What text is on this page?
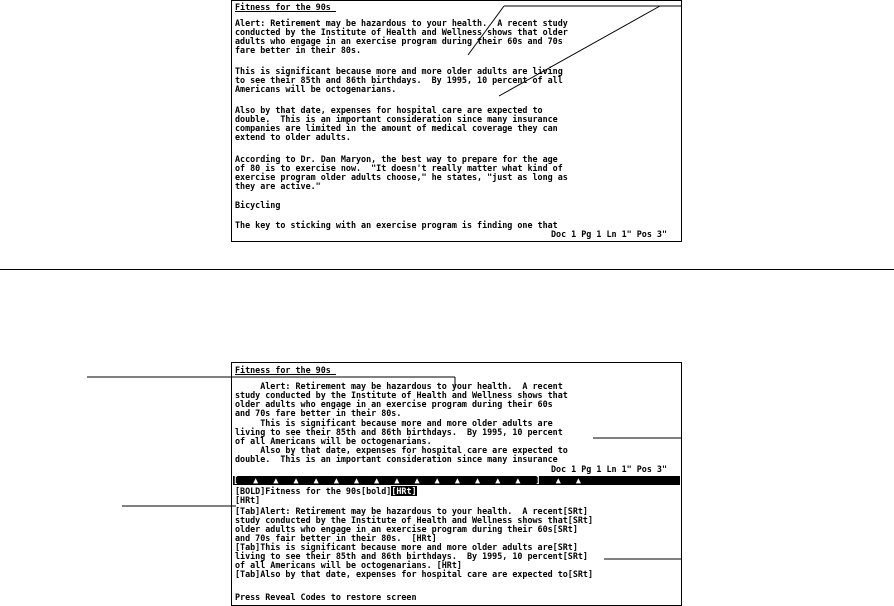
Fitness for the 90s_
Alert: Retirement may be hazardous to your health.  A recent study
conducted by the Institute of Health and Wellness shows that older
adults who engage in an exercise program during their 60s and 70s
fare better in their 80s.
This is significant because more and more older adults are living
to see their 85th and 86th birthdays.  By 1995, 10 percent of all
Americans will be octogenarians.
Also by that date, expenses for hospital care are expected to
double.  This is an important consideration since many insurance
companies are limited in the amount of medical coverage they can
extend to older adults.
According to Dr. Dan Maryon, the best way to prepare for the age
of 80 is to exercise now.  "It doesn't really matter what kind of
exercise program older adults choose," he states, "just as long as
they are active."
Bicycling
The key to sticking with an exercise program is finding one that
Doc 1 Pg 1 Ln 1" Pos 3"
Fitness for the 90s_
Alert: Retirement may be hazardous to your health.  A recent
study conducted by the Institute of Health and Wellness shows that
older adults who engage in an exercise program during their 60s
and 70s fare better in their 80s.
This is significant because more and more older adults are
living to see their 85th and 86th birthdays.  By 1995, 10 percent
of all Americans will be octogenarians.
Also by that date, expenses for hospital care are expected to
double.  This is an important consideration since many insurance
Doc 1 Pg 1 Ln 1" Pos 3"
[   ▲   ▲   ▲   ▲   ▲   ▲   ▲   ▲   ▲   ▲   ▲   ▲   ▲   ▲   ]   ▲   ▲
[BOLD]Fitness for the 90s[bold][HRt]
[HRt]
[Tab]Alert: Retirement may be hazardous to your health.  A recent[SRt]
study conducted by the Institute of Health and Wellness shows that[SRt]
older adults who engage in an exercise program during their 60s[SRt]
and 70s fair better in their 80s.  [HRt]
[Tab]This is significant because more and more older adults are[SRt]
living to see their 85th and 86th birthdays.  By 1995, 10 percent[SRt]
of all Americans will be octogenarians. [HRt]
[Tab]Also by that date, expenses for hospital care are expected to[SRt]
Press Reveal Codes to restore screen
